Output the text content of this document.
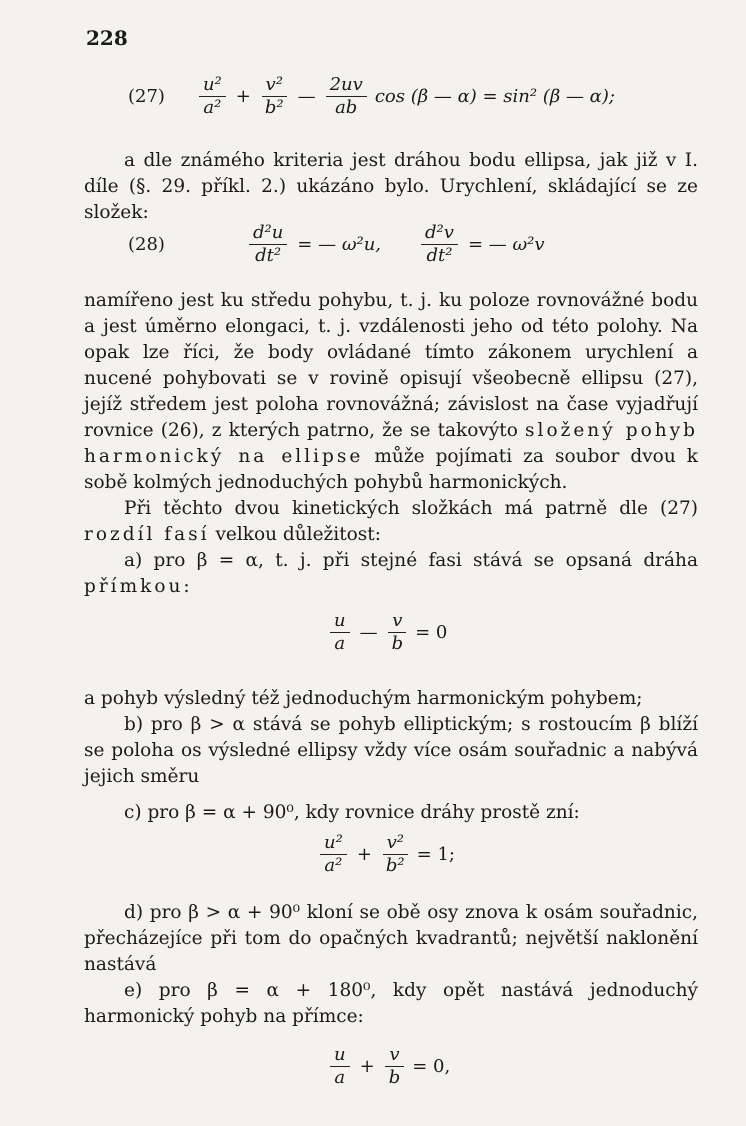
228
$(27) \frac{\text{u²}}{\text{a²}} + \frac{\text{v²}}{\text{b²}}$ — $\frac{2uv}{ab}$ cos (β — α) = sin² (β — α);

a dle známého kriteria jest dráhou bodu ellipsa, jak již v I. díle (§. 29. příkl. 2.) ukázáno bylo. Urychlení, skládající se ze složek:

(28)	$\frac{\text{d²u}}{\text{dt²}}$ = — ω²u, $\frac{\text{d²v}}{\text{dt²}}$ = — ω²v

namířeno jest ku středu pohybu, t. j. ku poloze rovnovážné bodu a jest úměrno elongaci, t. j. vzdálenosti jeho od této polohy. Na opak lze říci, že body ovládané tímto zákonem urychlení a nucené pohybovati se v rovině opisují všeobecně ellipsu (27), jejíž středem jest poloha rovnovážná; závislost na čase vyjadřují rovnice (26), z kterých patrno, že se takovýto složený pohyb harmonický na ellipse může pojímati za soubor dvou k sobě kolmých jednoduchých pohybů harmonických.

Při těchto dvou kinetických složkách má patrně dle (27) rozdíl fasí velkou důležitost:

a) pro β = α, t. j. při stejné fasi stává se opsaná dráha přímkou:

$\frac{u}{a}$ — $\frac{v}{b} = 0$

a pohyb výsledný též jednoduchým harmonickým pohybem;

b) pro β > α stává se pohyb elliptickým; s rostoucím β blíží se poloha os výsledné ellipsy vždy více osám souřadnic a nabývá jejich směru

c) pro β = α + 90⁰, kdy rovnice dráhy prostě zní:

$\frac{\text{u²}}{\text{a²}} + \frac{\text{v²}}{\text{b²}} = 1$;

d) pro β > α + 90⁰ kloní se obě osy znova k osám souřadnic, přecházejíce při tom do opačných kvadrantů; největší naklonění nastává

e) pro β = α + 180⁰, kdy opět nastává jednoduchý harmonický pohyb na přímce:

$\frac{u}{a} + \frac{v}{b} = 0$,
